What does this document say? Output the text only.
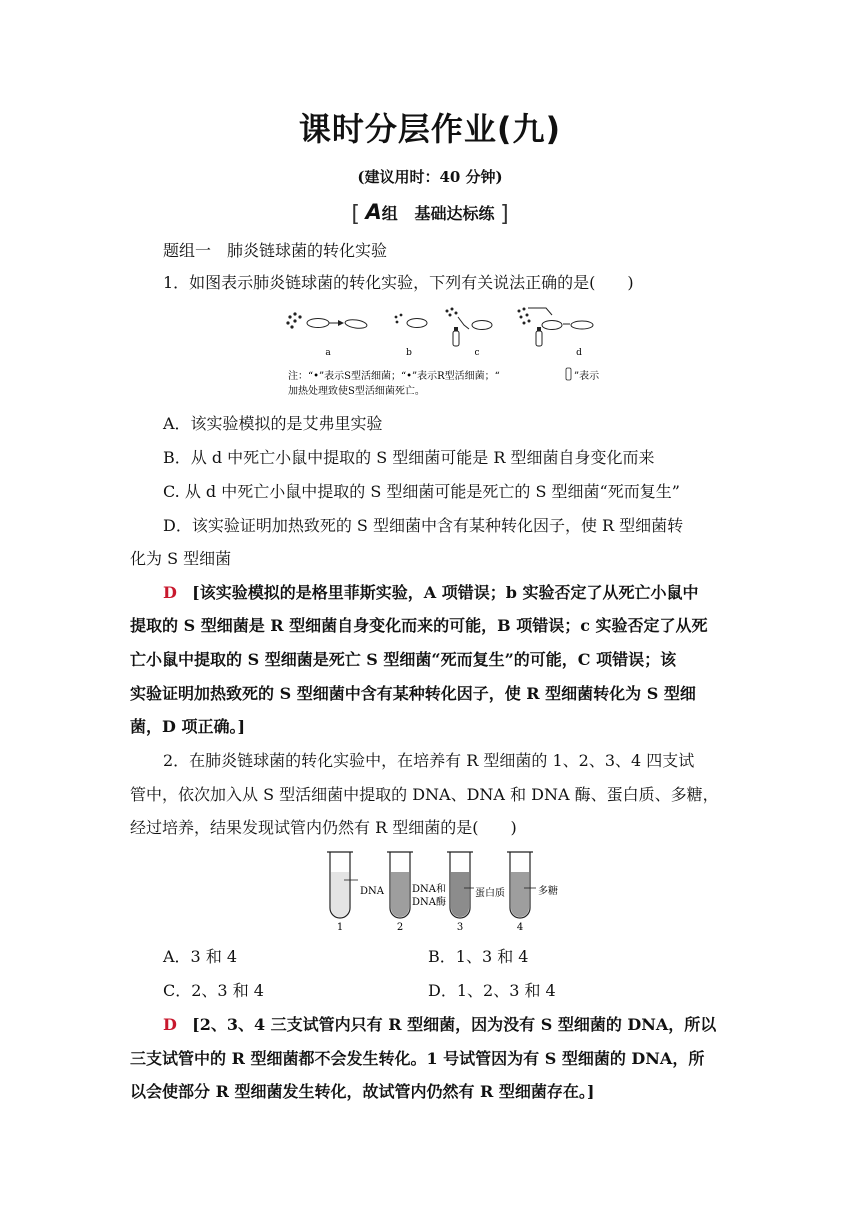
课时分层作业(九)
(建议用时：40 分钟)
[ A组 基础达标练 ]
题组一　肺炎链球菌的转化实验
1．如图表示肺炎链球菌的转化实验，下列有关说法正确的是(　　)
a	b	c	d
注：“•”表示S型活细菌；“•”表示R型活细菌；“	”表示
加热处理致使S型活细菌死亡。
A．该实验模拟的是艾弗里实验
B．从 d 中死亡小鼠中提取的 S 型细菌可能是 R 型细菌自身变化而来
C. 从 d 中死亡小鼠中提取的 S 型细菌可能是死亡的 S 型细菌“死而复生”
D．该实验证明加热致死的 S 型细菌中含有某种转化因子，使 R 型细菌转
化为 S 型细菌
D [该实验模拟的是格里菲斯实验，A 项错误；b 实验否定了从死亡小鼠中
提取的 S 型细菌是 R 型细菌自身变化而来的可能，B 项错误；c 实验否定了从死
亡小鼠中提取的 S 型细菌是死亡 S 型细菌“死而复生”的可能，C 项错误；该
实验证明加热致死的 S 型细菌中含有某种转化因子，使 R 型细菌转化为 S 型细
菌，D 项正确。]
2．在肺炎链球菌的转化实验中，在培养有 R 型细菌的 1、2、3、4 四支试
管中，依次加入从 S 型活细菌中提取的 DNA、DNA 和 DNA 酶、蛋白质、多糖，
经过培养，结果发现试管内仍然有 R 型细菌的是(　　)
DNA	DNA和
DNA酶
蛋白质	多糖
1	2	3	4
A．3 和 4	B．1、3 和 4
C．2、3 和 4	D．1、2、3 和 4
D [2、3、4 三支试管内只有 R 型细菌，因为没有 S 型细菌的 DNA，所以
三支试管中的 R 型细菌都不会发生转化。1 号试管因为有 S 型细菌的 DNA，所
以会使部分 R 型细菌发生转化，故试管内仍然有 R 型细菌存在。]
